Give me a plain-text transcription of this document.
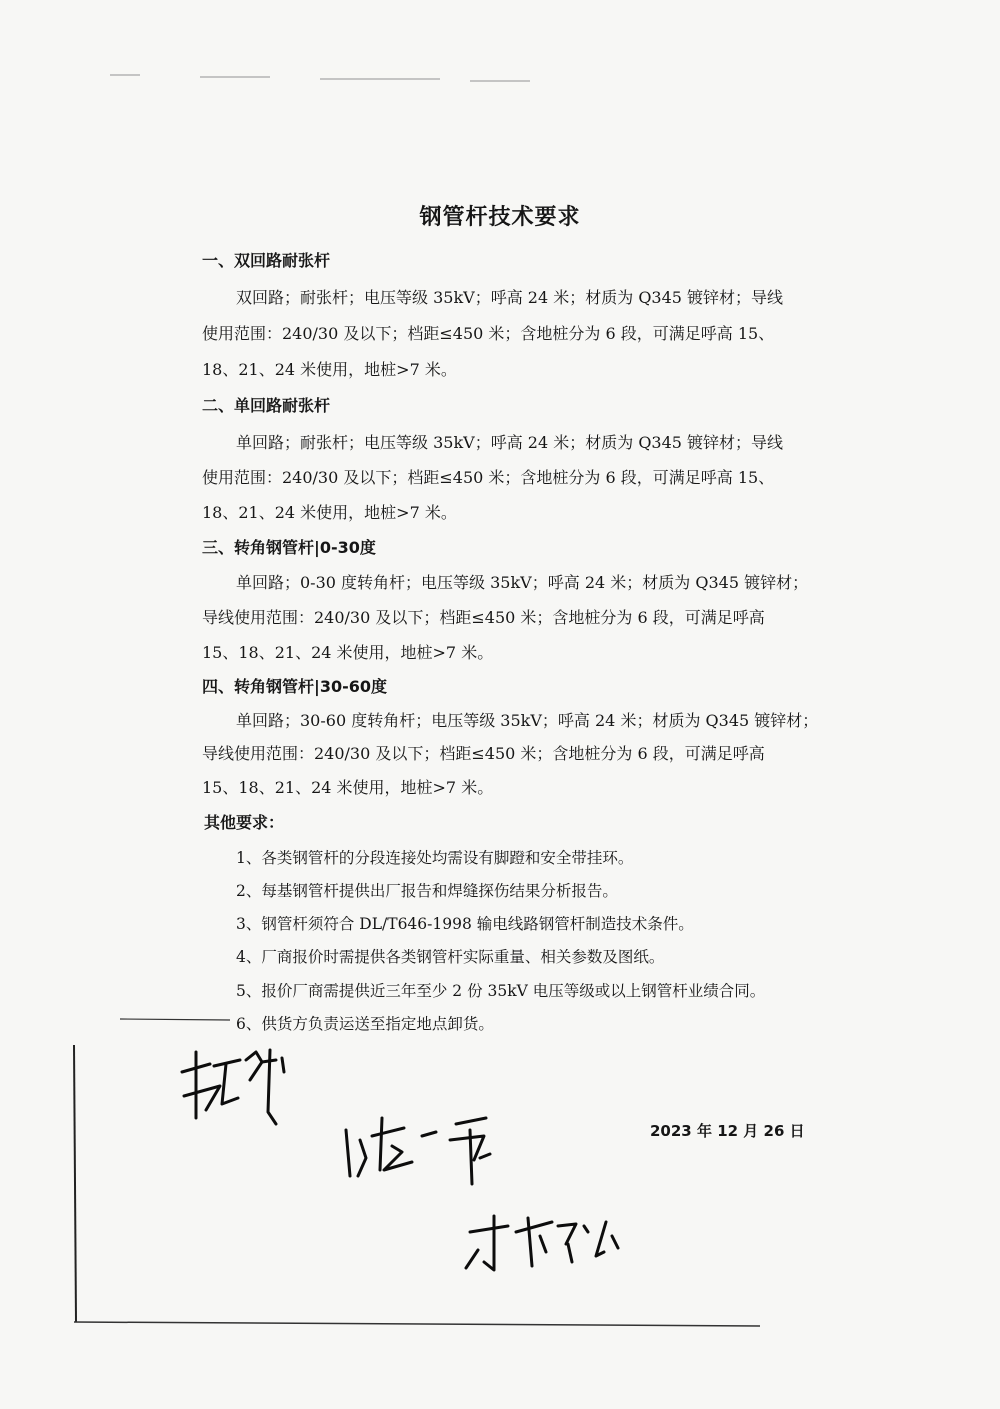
钢管杆技术要求
一、双回路耐张杆
双回路；耐张杆；电压等级 35kV；呼高 24 米；材质为 Q345 镀锌材；导线
使用范围：240/30 及以下；档距≤450 米；含地桩分为 6 段，可满足呼高 15、
18、21、24 米使用，地桩>7 米。
二、单回路耐张杆
单回路；耐张杆；电压等级 35kV；呼高 24 米；材质为 Q345 镀锌材；导线
使用范围：240/30 及以下；档距≤450 米；含地桩分为 6 段，可满足呼高 15、
18、21、24 米使用，地桩>7 米。
三、转角钢管杆|0-30度
单回路；0-30 度转角杆；电压等级 35kV；呼高 24 米；材质为 Q345 镀锌材；
导线使用范围：240/30 及以下；档距≤450 米；含地桩分为 6 段，可满足呼高
15、18、21、24 米使用，地桩>7 米。
四、转角钢管杆|30-60度
单回路；30-60 度转角杆；电压等级 35kV；呼高 24 米；材质为 Q345 镀锌材；
导线使用范围：240/30 及以下；档距≤450 米；含地桩分为 6 段，可满足呼高
15、18、21、24 米使用，地桩>7 米。
其他要求：
1、各类钢管杆的分段连接处均需设有脚蹬和安全带挂环。
2、每基钢管杆提供出厂报告和焊缝探伤结果分析报告。
3、钢管杆须符合 DL/T646-1998 输电线路钢管杆制造技术条件。
4、厂商报价时需提供各类钢管杆实际重量、相关参数及图纸。
5、报价厂商需提供近三年至少 2 份 35kV 电压等级或以上钢管杆业绩合同。
6、供货方负责运送至指定地点卸货。
2023 年 12 月 26 日
